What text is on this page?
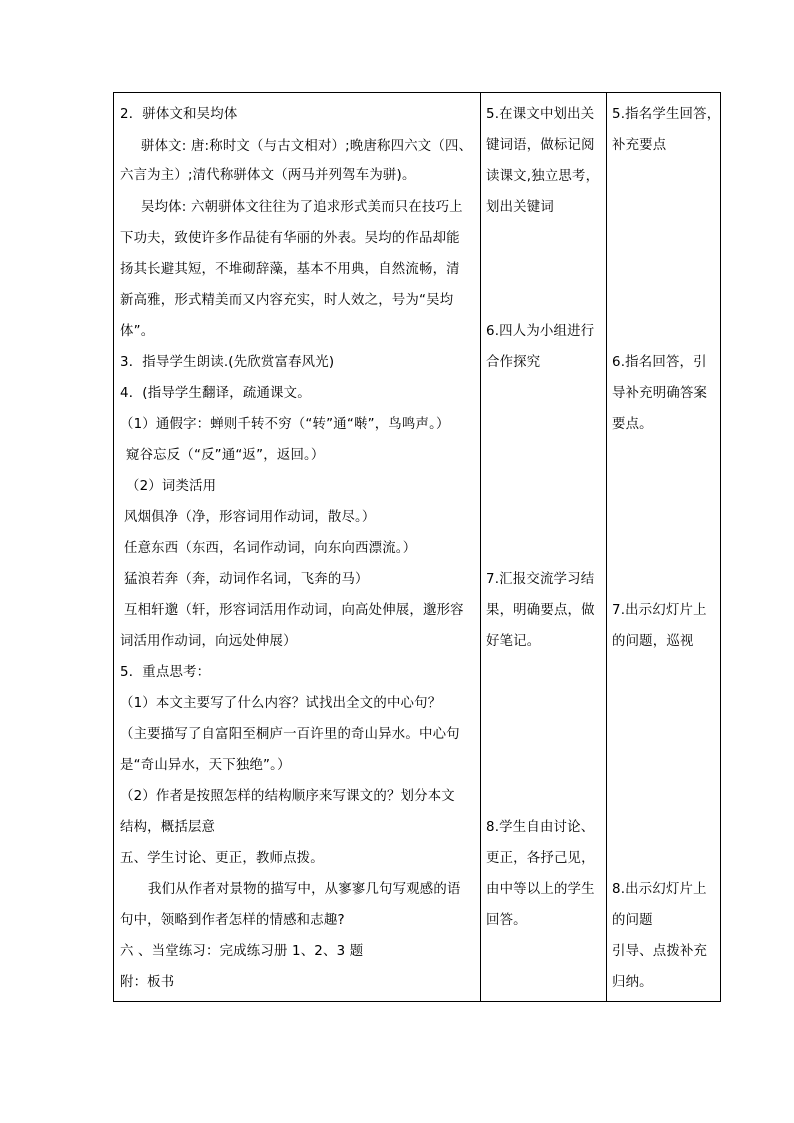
2．骈体文和吴均体
骈体文: 唐:称时文（与古文相对）;晚唐称四六文（四、
六言为主）;清代称骈体文（两马并列驾车为骈)。
吴均体: 六朝骈体文往往为了追求形式美而只在技巧上
下功夫，致使许多作品徒有华丽的外表。吴均的作品却能
扬其长避其短，不堆砌辞藻，基本不用典，自然流畅，清
新高雅，形式精美而又内容充实，时人效之，号为“吴均
体”。
3．指导学生朗读.(先欣赏富春风光)
4．(指导学生翻译，疏通课文。
（1）通假字：蝉则千转不穷（“转”通“啭”，鸟鸣声。）
窥谷忘反（“反”通“返”，返回。）
（2）词类活用
风烟俱净（净，形容词用作动词，散尽。）
任意东西（东西，名词作动词，向东向西漂流。）
猛浪若奔（奔，动词作名词，飞奔的马）
互相轩邈（轩，形容词活用作动词，向高处伸展，邈形容
词活用作动词，向远处伸展）
5．重点思考：
（1）本文主要写了什么内容？试找出全文的中心句？
（主要描写了自富阳至桐庐一百许里的奇山异水。中心句
是“奇山异水，天下独绝”。）
（2）作者是按照怎样的结构顺序来写课文的？划分本文
结构，概括层意
五、学生讨论、更正，教师点拨。
我们从作者对景物的描写中，从寥寥几句写观感的语
句中，领略到作者怎样的情感和志趣?
六 、当堂练习：完成练习册 1、2、3 题
附：板书
5.在课文中划出关
键词语，做标记阅
读课文,独立思考，
划出关键词
6.四人为小组进行
合作探究
7.汇报交流学习结
果，明确要点，做
好笔记。
8.学生自由讨论、
更正，各抒己见，
由中等以上的学生
回答。
5.指名学生回答，
补充要点
6.指名回答，引
导补充明确答案
要点。
7.出示幻灯片上
的问题，巡视
8.出示幻灯片上
的问题
引导、点拨补充
归纳。
